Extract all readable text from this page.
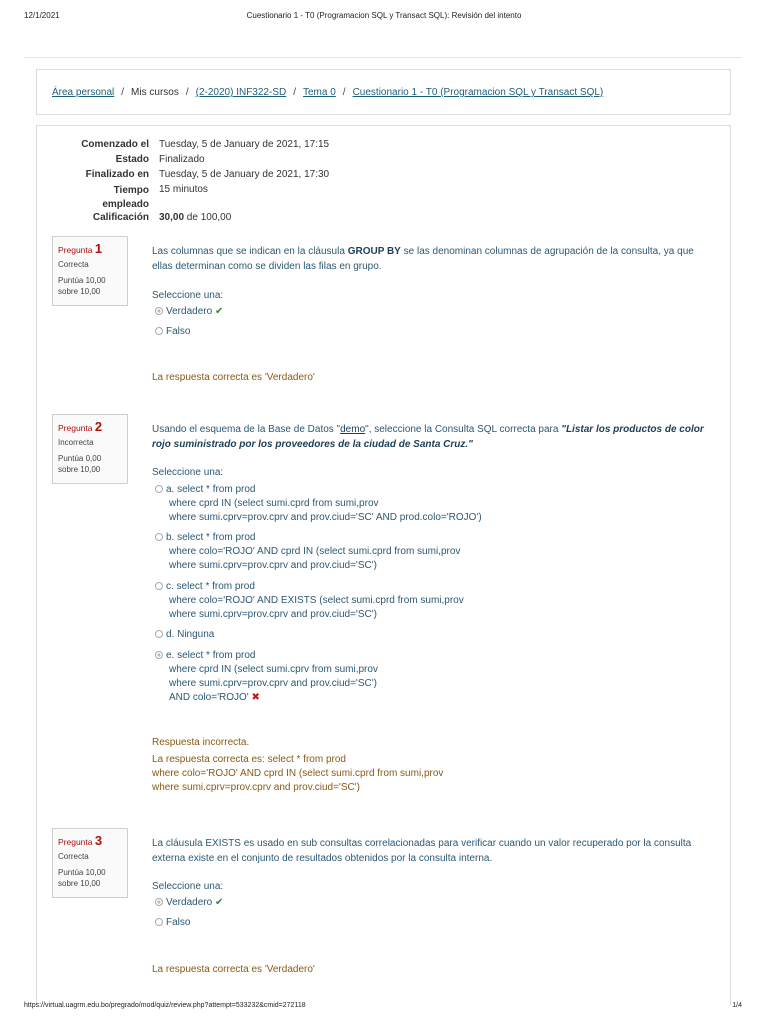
12/1/2021	Cuestionario 1 - T0 (Programacion SQL y Transact SQL): Revisión del intento
Área personal / Mis cursos / (2-2020) INF322-SD / Tema 0 / Cuestionario 1 - T0 (Programacion SQL y Transact SQL)
Comenzado el Tuesday, 5 de January de 2021, 17:15
Estado Finalizado
Finalizado en Tuesday, 5 de January de 2021, 17:30
Tiempo
empleado
15 minutos
Calificación 30,00 de 100,00
Pregunta 1
Correcta
Puntúa 10,00
sobre 10,00
Las columnas que se indican en la cláusula GROUP BY se las denominan columnas de agrupación de la consulta, ya que ellas determinan como se dividen las filas en grupo.
Seleccione una:
Verdadero ✔
Falso
La respuesta correcta es 'Verdadero'
Pregunta 2
Incorrecta
Puntúa 0,00
sobre 10,00
Usando el esquema de la Base de Datos "demo", seleccione la Consulta SQL correcta para "Listar los productos de color rojo suministrado por los proveedores de la ciudad de Santa Cruz."
Seleccione una:
a. select * from prod
where cprd IN (select sumi.cprd from sumi,prov
where sumi.cprv=prov.cprv and prov.ciud='SC' AND prod.colo='ROJO')
b. select * from prod
where colo='ROJO' AND cprd IN (select sumi.cprd from sumi,prov
where sumi.cprv=prov.cprv and prov.ciud='SC')
c. select * from prod
where colo='ROJO' AND EXISTS (select sumi.cprd from sumi,prov
where sumi.cprv=prov.cprv and prov.ciud='SC')
d. Ninguna
e. select * from prod
where cprd IN (select sumi.cprv from sumi,prov
where sumi.cprv=prov.cprv and prov.ciud='SC')
AND colo='ROJO' ✖
Respuesta incorrecta.
La respuesta correcta es: select * from prod
where colo='ROJO' AND cprd IN (select sumi.cprd from sumi,prov
where sumi.cprv=prov.cprv and prov.ciud='SC')
Pregunta 3
Correcta
Puntúa 10,00
sobre 10,00
La cláusula EXISTS es usado en sub consultas correlacionadas para verificar cuando un valor recuperado por la consulta externa existe en el conjunto de resultados obtenidos por la consulta interna.
Seleccione una:
Verdadero ✔
Falso
La respuesta correcta es 'Verdadero'
https://virtual.uagrm.edu.bo/pregrado/mod/quiz/review.php?attempt=533232&cmid=272118	1/4
